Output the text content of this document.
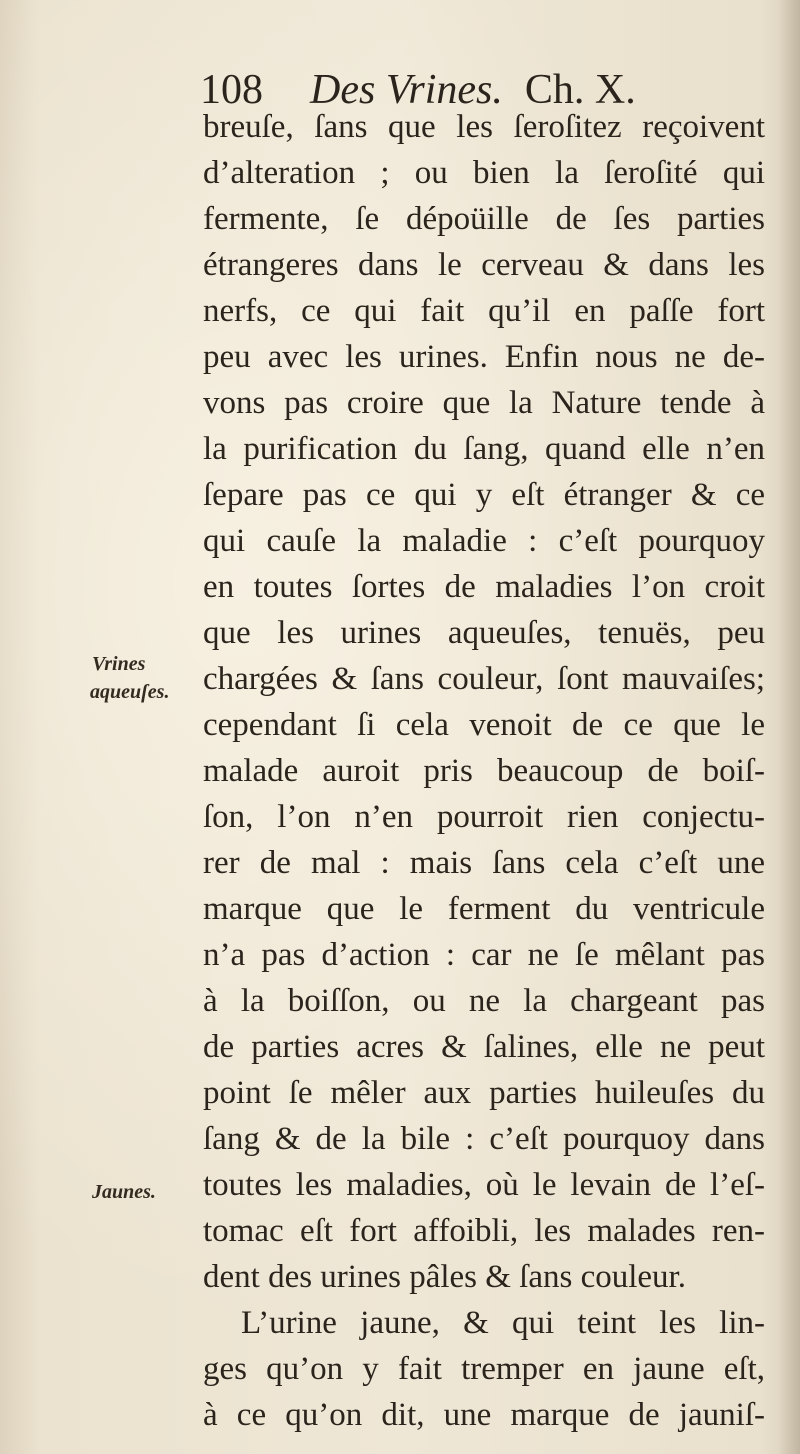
108 Des Vrines. Ch. X.
breuſe, ſans que les ſeroſitez reçoivent
d’alteration ; ou bien la ſeroſité qui
fermente, ſe dépoüille de ſes parties
étrangeres dans le cerveau & dans les
nerfs, ce qui fait qu’il en paſſe fort
peu avec les urines. Enfin nous ne de-
vons pas croire que la Nature tende à
la purification du ſang, quand elle n’en
ſepare pas ce qui y eſt étranger & ce
qui cauſe la maladie : c’eſt pourquoy
en toutes ſortes de maladies l’on croit
que les urines aqueuſes, tenuës, peu
chargées & ſans couleur, ſont mauvaiſes;
cependant ſi cela venoit de ce que le
malade auroit pris beaucoup de boiſ-
ſon, l’on n’en pourroit rien conjectu-
rer de mal : mais ſans cela c’eſt une
marque que le ferment du ventricule
n’a pas d’action : car ne ſe mêlant pas
à la boiſſon, ou ne la chargeant pas
de parties acres & ſalines, elle ne peut
point ſe mêler aux parties huileuſes du
ſang & de la bile : c’eſt pourquoy dans
toutes les maladies, où le levain de l’eſ-
tomac eſt fort affoibli, les malades ren-
dent des urines pâles & ſans couleur.
L’urine jaune, & qui teint les lin-
ges qu’on y fait tremper en jaune eſt,
à ce qu’on dit, une marque de jauniſ-
Vrines
aqueuſes.
Jaunes.
